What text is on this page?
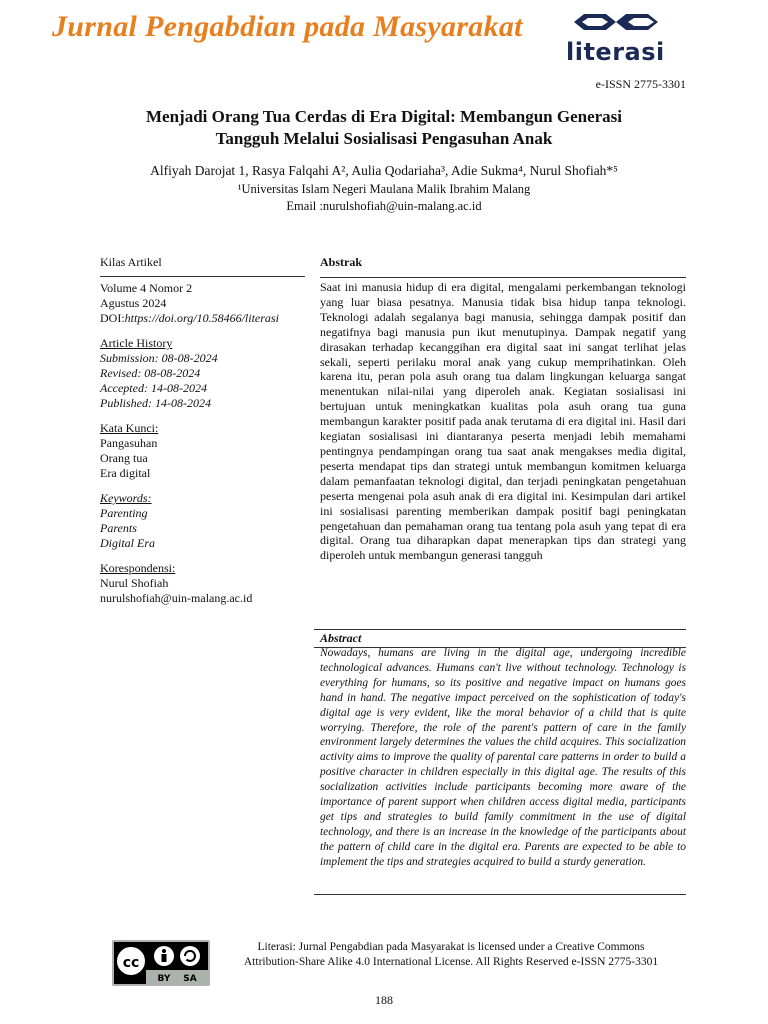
Jurnal Pengabdian pada Masyarakat
literasi
e-ISSN 2775-3301
Menjadi Orang Tua Cerdas di Era Digital: Membangun Generasi
Tangguh Melalui Sosialisasi Pengasuhan Anak
Alfiyah Darojat 1, Rasya Falqahi A², Aulia Qodariaha³, Adie Sukma⁴, Nurul Shofiah*⁵
¹Universitas Islam Negeri Maulana Malik Ibrahim Malang
Email :nurulshofiah@uin-malang.ac.id
Kilas Artikel
Volume 4 Nomor 2
Agustus 2024
DOI:https://doi.org/10.58466/literasi
Article History
Submission: 08-08-2024
Revised: 08-08-2024
Accepted: 14-08-2024
Published: 14-08-2024
Kata Kunci:
Pangasuhan
Orang tua
Era digital
Keywords:
Parenting
Parents
Digital Era
Korespondensi:
Nurul Shofiah
nurulshofiah@uin-malang.ac.id
Abstrak

Saat ini manusia hidup di era digital, mengalami perkembangan teknologi yang luar biasa pesatnya. Manusia tidak bisa hidup tanpa teknologi. Teknologi adalah segalanya bagi manusia, sehingga dampak positif dan negatifnya bagi manusia pun ikut menutupinya. Dampak negatif yang dirasakan terhadap kecanggihan era digital saat ini sangat terlihat jelas sekali, seperti perilaku moral anak yang cukup memprihatinkan. Oleh karena itu, peran pola asuh orang tua dalam lingkungan keluarga sangat menentukan nilai-nilai yang diperoleh anak. Kegiatan sosialisasi ini bertujuan untuk meningkatkan kualitas pola asuh orang tua guna membangun karakter positif pada anak terutama di era digital ini. Hasil dari kegiatan sosialisasi ini diantaranya peserta menjadi lebih memahami pentingnya pendampingan orang tua saat anak mengakses media digital, peserta mendapat tips dan strategi untuk membangun komitmen keluarga dalam pemanfaatan teknologi digital, dan terjadi peningkatan pengetahuan peserta mengenai pola asuh anak di era digital ini. Kesimpulan dari artikel ini sosialisasi parenting memberikan dampak positif bagi peningkatan pengetahuan dan pemahaman orang tua tentang pola asuh yang tepat di era digital. Orang tua diharapkan dapat menerapkan tips dan strategi yang diperoleh untuk membangun generasi tangguh

Abstract

Nowadays, humans are living in the digital age, undergoing incredible technological advances. Humans can't live without technology. Technology is everything for humans, so its positive and negative impact on humans goes hand in hand. The negative impact perceived on the sophistication of today's digital age is very evident, like the moral behavior of a child that is quite worrying. Therefore, the role of the parent's pattern of care in the family environment largely determines the values the child acquires. This socialization activity aims to improve the quality of parental care patterns in order to build a positive character in children especially in this digital age. The results of this socialization activities include participants becoming more aware of the importance of parent support when children access digital media, participants get tips and strategies to build family commitment in the use of digital technology, and there is an increase in the knowledge of the participants about the pattern of child care in the digital era. Parents are expected to be able to implement the tips and strategies acquired to build a sturdy generation.

cc
BY SA
Literasi: Jurnal Pengabdian pada Masyarakat is licensed under a Creative Commons
Attribution-Share Alike 4.0 International License. All Rights Reserved e-ISSN 2775-3301
188
